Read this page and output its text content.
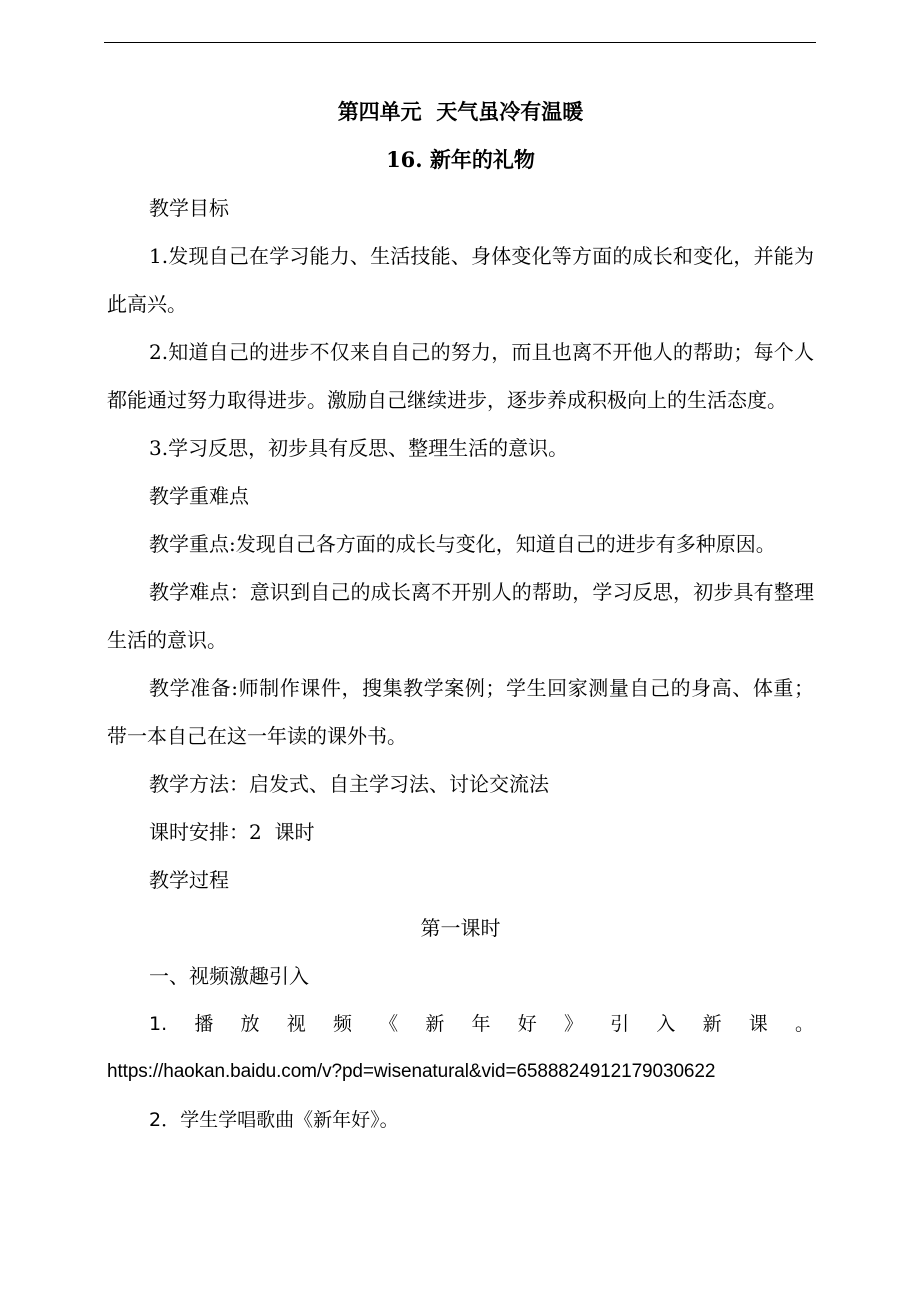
第四单元  天气虽冷有温暖
16. 新年的礼物

教学目标

1.发现自己在学习能力、生活技能、身体变化等方面的成长和变化，并能为此高兴。

2.知道自己的进步不仅来自自己的努力，而且也离不开他人的帮助；每个人都能通过努力取得进步。激励自己继续进步，逐步养成积极向上的生活态度。

3.学习反思，初步具有反思、整理生活的意识。

教学重难点

教学重点:发现自己各方面的成长与变化，知道自己的进步有多种原因。

教学难点：意识到自己的成长离不开别人的帮助，学习反思，初步具有整理生活的意识。

教学准备:师制作课件，搜集教学案例；学生回家测量自己的身高、体重；带一本自己在这一年读的课外书。

教学方法：启发式、自主学习法、讨论交流法

课时安排：2  课时

教学过程

第一课时

一、视频激趣引入

1. 播 放 视 频 《 新 年 好 》 引 入 新 课 。

https://haokan.baidu.com/v?pd=wisenatural&vid=6588824912179030622

2．学生学唱歌曲《新年好》。
